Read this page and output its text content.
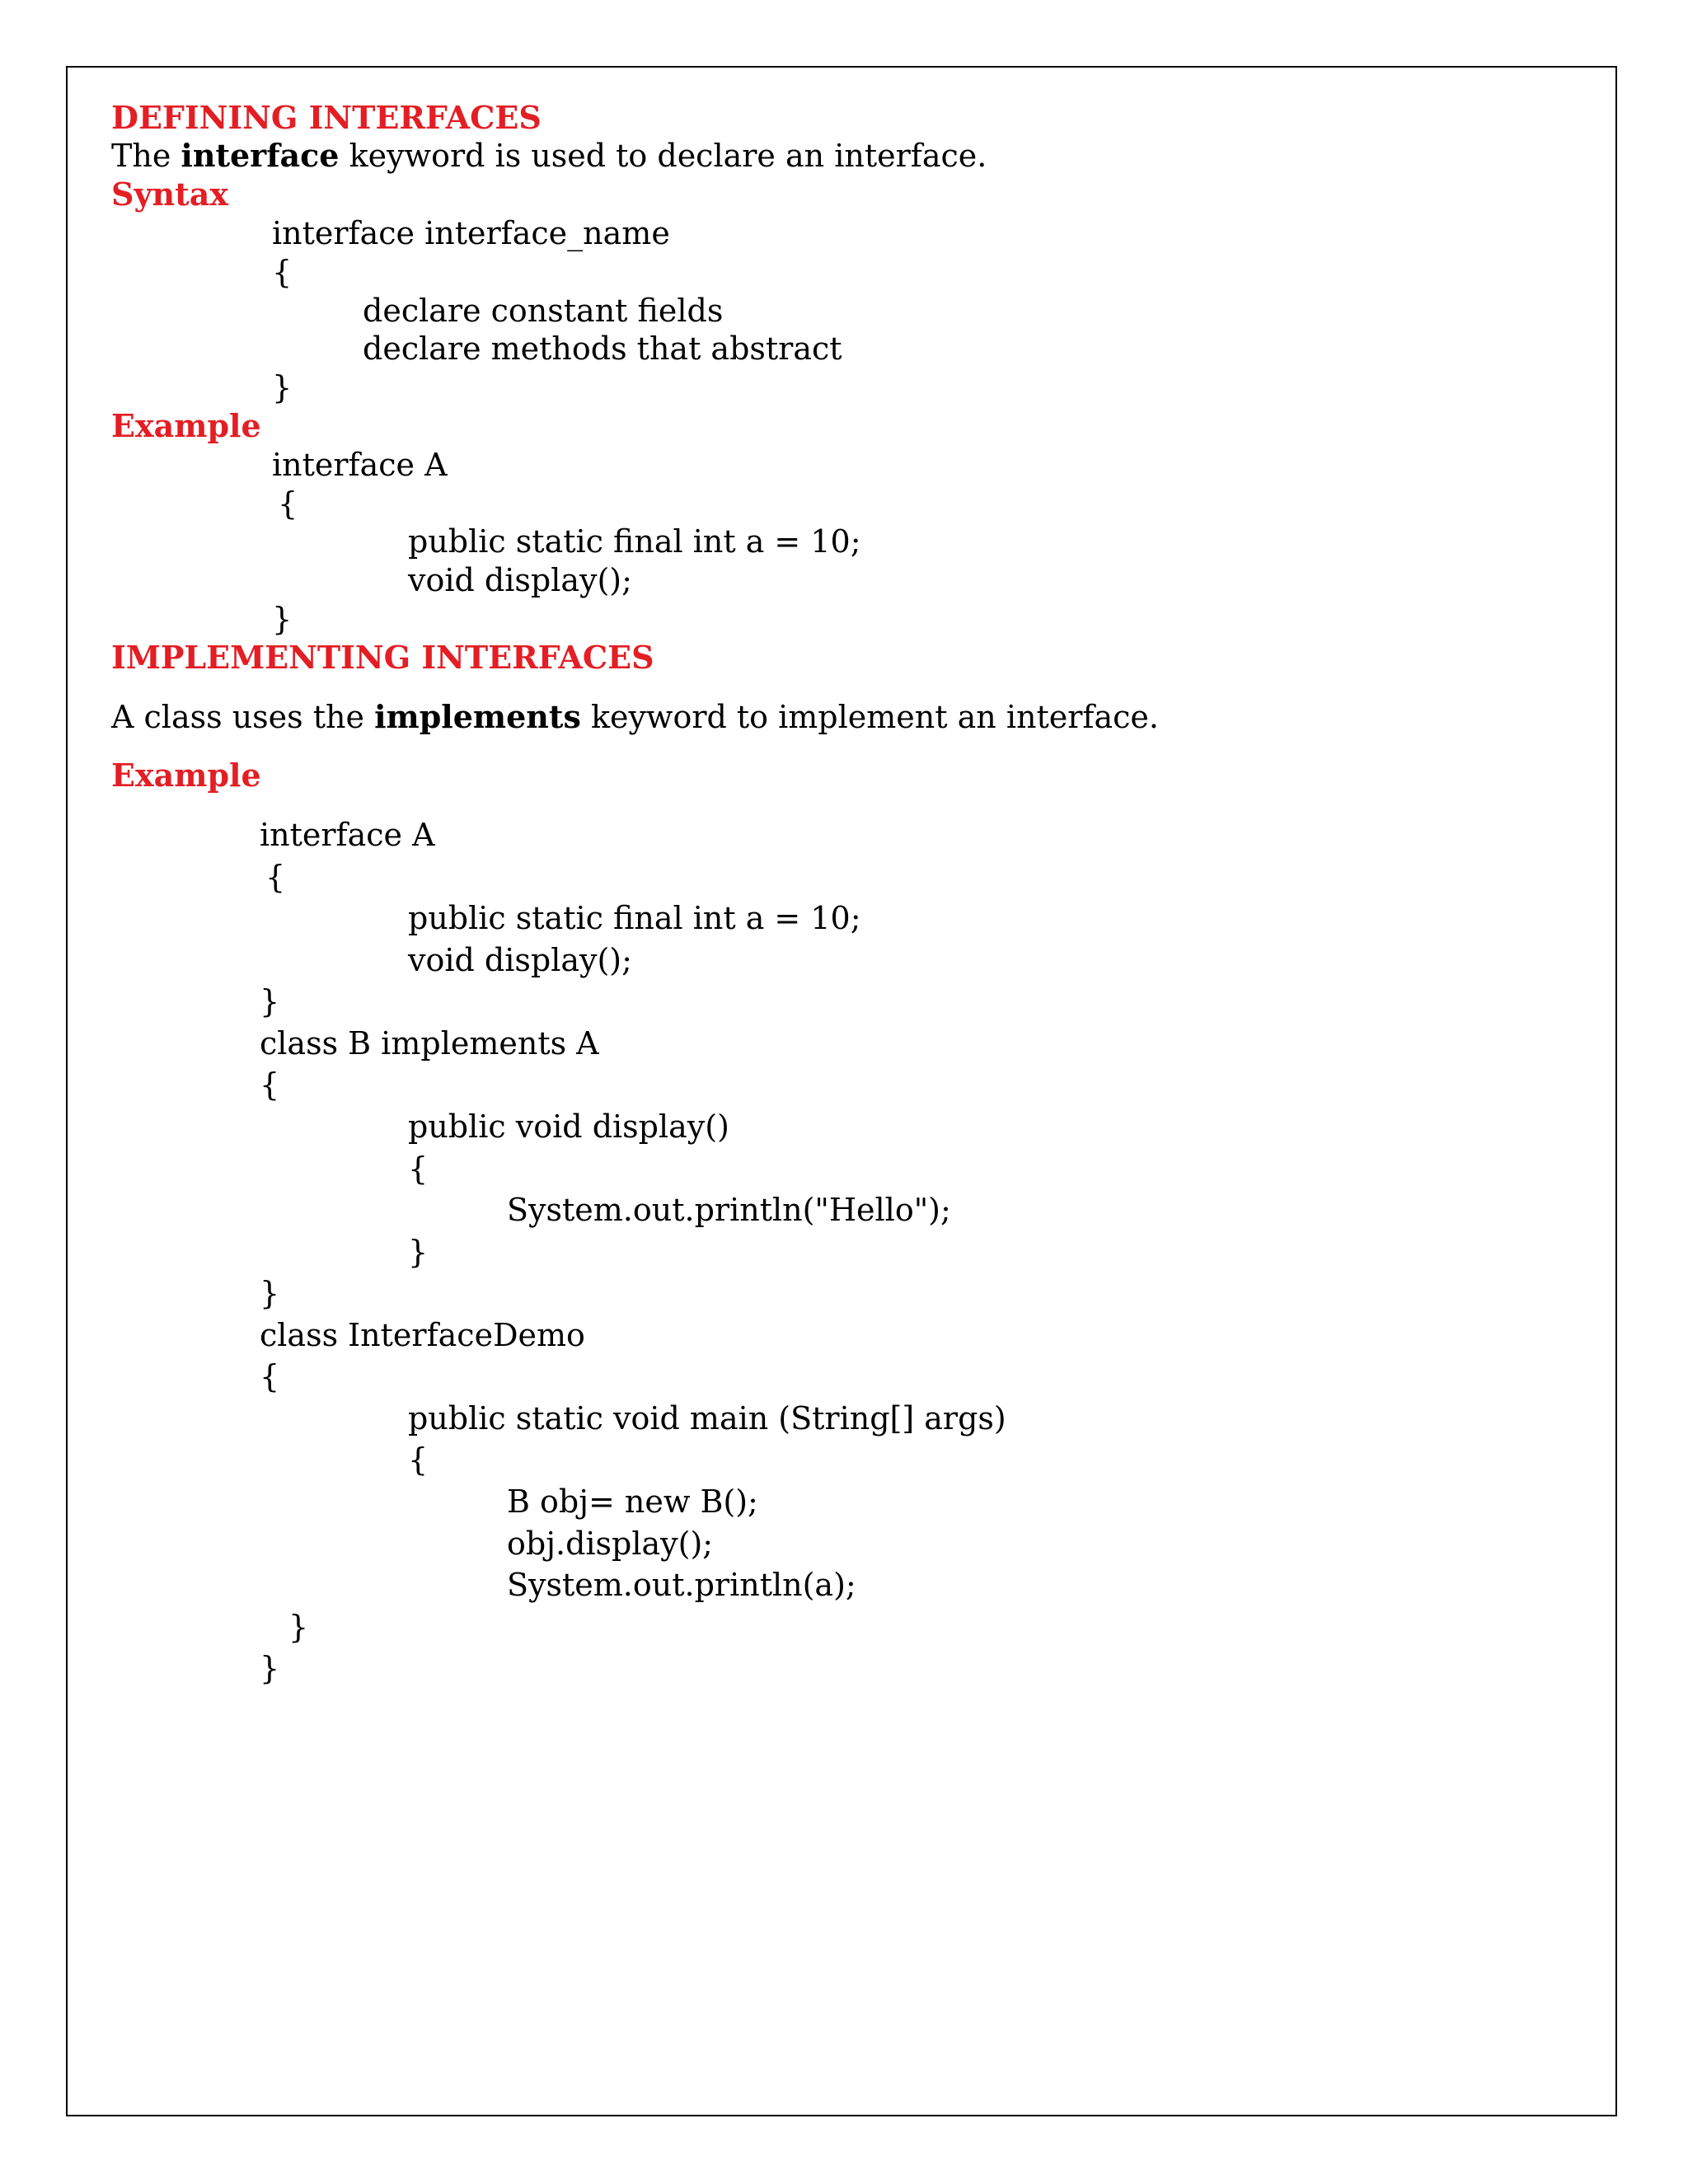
DEFINING INTERFACES
The interface keyword is used to declare an interface.
Syntax
interface interface_name
{
declare constant fields
declare methods that abstract
}
Example
interface A
{
public static final int a = 10;
void display();
}
IMPLEMENTING INTERFACES
A class uses the implements keyword to implement an interface.
Example
interface A
{
public static final int a = 10;
void display();
}
class B implements A
{
public void display()
{
System.out.println("Hello");
}
}
class InterfaceDemo
{
public static void main (String[] args)
{
B obj= new B();
obj.display();
System.out.println(a);
}
}
